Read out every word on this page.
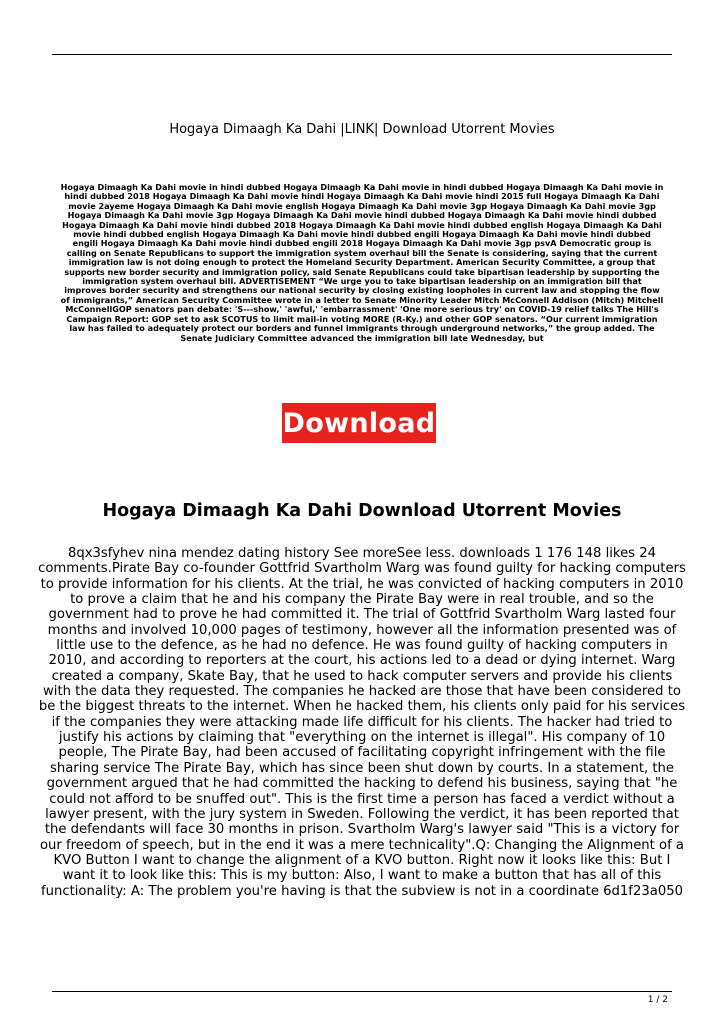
Hogaya Dimaagh Ka Dahi |LINK| Download Utorrent Movies
Hogaya Dimaagh Ka Dahi movie in hindi dubbed Hogaya Dimaagh Ka Dahi movie in hindi dubbed Hogaya Dimaagh Ka Dahi movie in hindi dubbed 2018 Hogaya Dimaagh Ka Dahi movie hindi Hogaya Dimaagh Ka Dahi movie hindi 2015 full Hogaya Dimaagh Ka Dahi movie 2ayeme Hogaya Dimaagh Ka Dahi movie english Hogaya Dimaagh Ka Dahi movie 3gp Hogaya Dimaagh Ka Dahi movie 3gp Hogaya Dimaagh Ka Dahi movie 3gp Hogaya Dimaagh Ka Dahi movie hindi dubbed Hogaya Dimaagh Ka Dahi movie hindi dubbed Hogaya Dimaagh Ka Dahi movie hindi dubbed 2018 Hogaya Dimaagh Ka Dahi movie hindi dubbed english Hogaya Dimaagh Ka Dahi movie hindi dubbed english Hogaya Dimaagh Ka Dahi movie hindi dubbed engili Hogaya Dimaagh Ka Dahi movie hindi dubbed engili Hogaya Dimaagh Ka Dahi movie hindi dubbed engili 2018 Hogaya Dimaagh Ka Dahi movie 3gp psvA Democratic group is calling on Senate Republicans to support the immigration system overhaul bill the Senate is considering, saying that the current immigration law is not doing enough to protect the Homeland Security Department. American Security Committee, a group that supports new border security and immigration policy, said Senate Republicans could take bipartisan leadership by supporting the immigration system overhaul bill. ADVERTISEMENT “We urge you to take bipartisan leadership on an immigration bill that improves border security and strengthens our national security by closing existing loopholes in current law and stopping the flow of immigrants,” American Security Committee wrote in a letter to Senate Minority Leader Mitch McConnell Addison (Mitch) Mitchell McConnellGOP senators pan debate: 'S---show,' 'awful,' 'embarrassment' 'One more serious try' on COVID-19 relief talks The Hill's Campaign Report: GOP set to ask SCOTUS to limit mail-in voting MORE (R-Ky.) and other GOP senators. “Our current immigration law has failed to adequately protect our borders and funnel immigrants through underground networks,” the group added. The Senate Judiciary Committee advanced the immigration bill late Wednesday, but
Download
Hogaya Dimaagh Ka Dahi Download Utorrent Movies

8qx3sfyhev nina mendez dating history See moreSee less. downloads 1 176 148 likes 24 comments.Pirate Bay co-founder Gottfrid Svartholm Warg was found guilty for hacking computers to provide information for his clients. At the trial, he was convicted of hacking computers in 2010 to prove a claim that he and his company the Pirate Bay were in real trouble, and so the government had to prove he had committed it. The trial of Gottfrid Svartholm Warg lasted four months and involved 10,000 pages of testimony, however all the information presented was of little use to the defence, as he had no defence. He was found guilty of hacking computers in 2010, and according to reporters at the court, his actions led to a dead or dying internet. Warg created a company, Skate Bay, that he used to hack computer servers and provide his clients with the data they requested. The companies he hacked are those that have been considered to be the biggest threats to the internet. When he hacked them, his clients only paid for his services if the companies they were attacking made life difficult for his clients. The hacker had tried to justify his actions by claiming that "everything on the internet is illegal". His company of 10 people, The Pirate Bay, had been accused of facilitating copyright infringement with the file sharing service The Pirate Bay, which has since been shut down by courts. In a statement, the government argued that he had committed the hacking to defend his business, saying that "he could not afford to be snuffed out". This is the first time a person has faced a verdict without a lawyer present, with the jury system in Sweden. Following the verdict, it has been reported that the defendants will face 30 months in prison. Svartholm Warg's lawyer said "This is a victory for our freedom of speech, but in the end it was a mere technicality".Q: Changing the Alignment of a KVO Button I want to change the alignment of a KVO button. Right now it looks like this: But I want it to look like this: This is my button: Also, I want to make a button that has all of this functionality: A: The problem you're having is that the subview is not in a coordinate 6d1f23a050

1 / 2
